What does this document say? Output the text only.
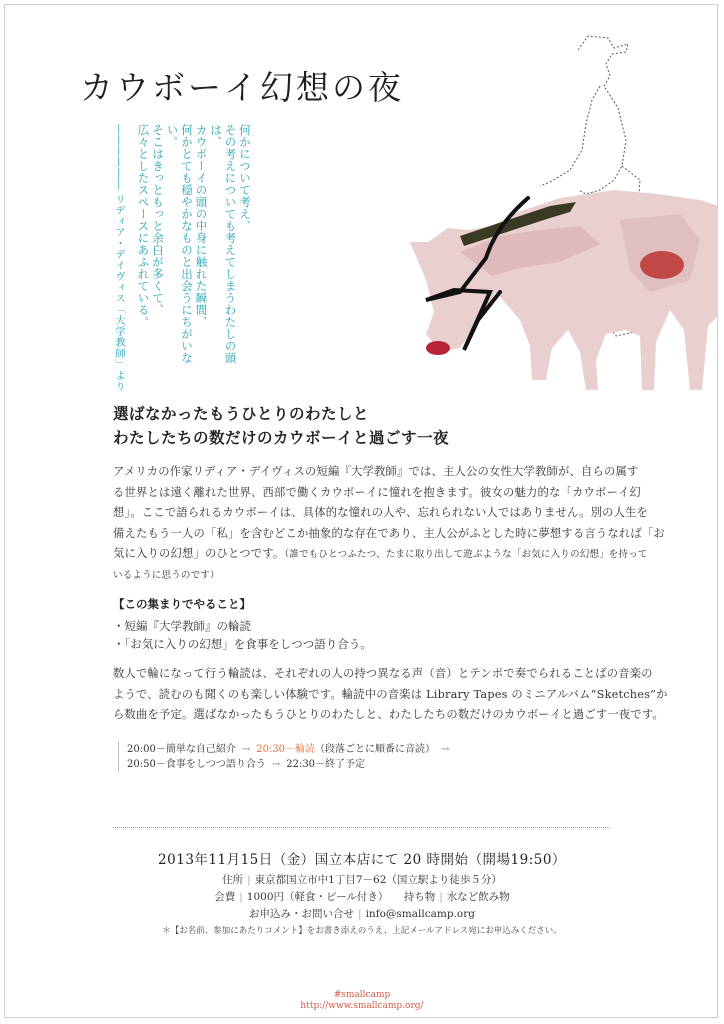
カウボーイ幻想の夜
何かについて考え、
その考えについても考えてしまうわたしの頭は、
カウボーイの頭の中身に触れた瞬間、
何かとても穏やかなものと出会うにちがいない。
そこはきっともっと余白が多くて、
広々としたスペースにあふれている。
―――――― リディア・デイヴィス「大学教師」より
選ばなかったもうひとりのわたしと
わたしたちの数だけのカウボーイと過ごす一夜
アメリカの作家リディア・デイヴィスの短編『大学教師』では、主人公の女性大学教師が、自らの属す
る世界とは遠く離れた世界、西部で働くカウボーイに憧れを抱きます。彼女の魅力的な「カウボーイ幻
想」。ここで語られるカウボーイは、具体的な憧れの人や、忘れられない人ではありません。別の人生を
備えたもう一人の「私」を含むどこか抽象的な存在であり、主人公がふとした時に夢想する言うなれば「お
気に入りの幻想」のひとつです。（誰でもひとつふたつ、たまに取り出して遊ぶような「お気に入りの幻想」を持って
いるように思うのです）
【この集まりでやること】
・短編『大学教師』の輪読
・「お気に入りの幻想」を食事をしつつ語り合う。
数人で輪になって行う輪読は、それぞれの人の持つ異なる声（音）とテンポで奏でられることばの音楽の
ようで、読むのも聞くのも楽しい体験です。輪読中の音楽は Library Tapes のミニアルバム“Sketches”か
ら数曲を予定。選ばなかったもうひとりのわたしと、わたしたちの数だけのカウボーイと過ごす一夜です。
20:00－簡単な自己紹介 → 20:30－輪読（段落ごとに順番に音読） →
20:50－食事をしつつ語り合う → 22:30－終了予定
2013年11月15日（金）国立本店にて 20 時開始（開場19:50）
住所 | 東京都国立市中1丁目7－62（国立駅より徒歩５分）
会費 | 1000円（軽食・ビール付き） 持ち物 | 水など飲み物
お申込み・お問い合せ | info@smallcamp.org
＊【お名前、参加にあたりコメント】をお書き添えのうえ、上記メールアドレス宛にお申込みください。
#smallcamp
http://www.smallcamp.org/
